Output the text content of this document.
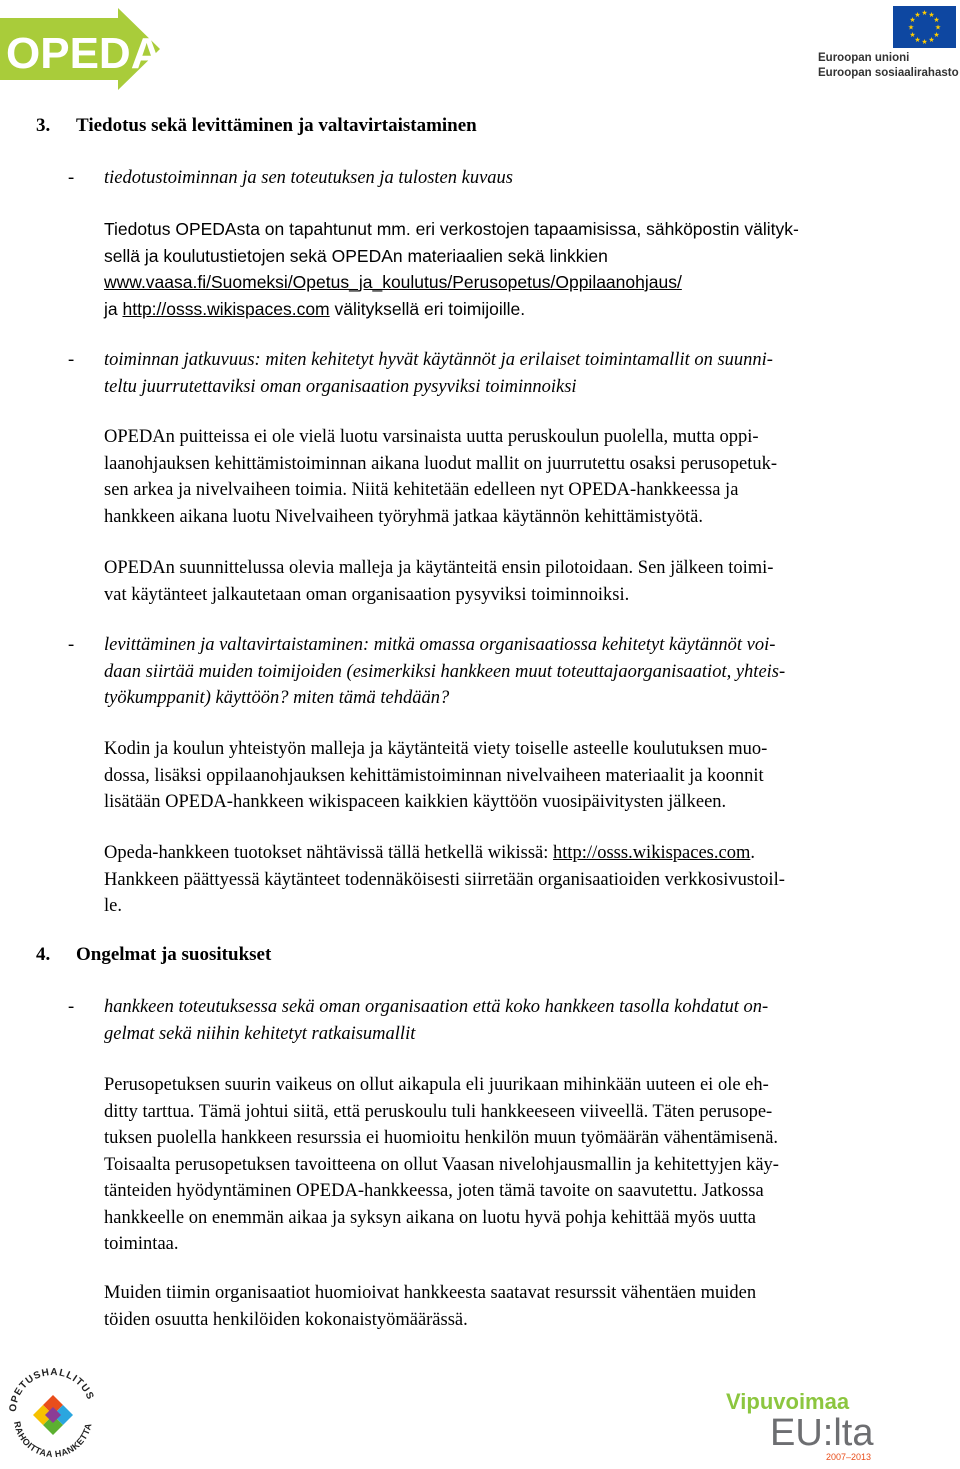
OPEDA
★ ★
★
★
★
★
★
★
★
★
★
★
Euroopan unioni
Euroopan sosiaalirahasto
3. Tiedotus sekä levittäminen ja valtavirtaistaminen
- tiedotustoiminnan ja sen toteutuksen ja tulosten kuvaus
Tiedotus OPEDAsta on tapahtunut mm. eri verkostojen tapaamisissa, sähköpostin välityk-
sellä ja koulutustietojen sekä OPEDAn materiaalien sekä linkkien
www.vaasa.fi/Suomeksi/Opetus_ja_koulutus/Perusopetus/Oppilaanohjaus/
ja http://osss.wikispaces.com välityksellä eri toimijoille.
- toiminnan jatkuvuus: miten kehitetyt hyvät käytännöt ja erilaiset toimintamallit on suunni-
teltu juurrutettaviksi oman organisaation pysyviksi toiminnoiksi
OPEDAn puitteissa ei ole vielä luotu varsinaista uutta peruskoulun puolella, mutta oppi-
laanohjauksen kehittämistoiminnan aikana luodut mallit on juurrutettu osaksi perusopetuk-
sen arkea ja nivelvaiheen toimia. Niitä kehitetään edelleen nyt OPEDA-hankkeessa ja
hankkeen aikana luotu Nivelvaiheen työryhmä jatkaa käytännön kehittämistyötä.
OPEDAn suunnittelussa olevia malleja ja käytänteitä ensin pilotoidaan. Sen jälkeen toimi-
vat käytänteet jalkautetaan oman organisaation pysyviksi toiminnoiksi.
- levittäminen ja valtavirtaistaminen: mitkä omassa organisaatiossa kehitetyt käytännöt voi-
daan siirtää muiden toimijoiden (esimerkiksi hankkeen muut toteuttajaorganisaatiot, yhteis-
työkumppanit) käyttöön? miten tämä tehdään?
Kodin ja koulun yhteistyön malleja ja käytänteitä viety toiselle asteelle koulutuksen muo-
dossa, lisäksi oppilaanohjauksen kehittämistoiminnan nivelvaiheen materiaalit ja koonnit
lisätään OPEDA-hankkeen wikispaceen kaikkien käyttöön vuosipäivitysten jälkeen.
Opeda-hankkeen tuotokset nähtävissä tällä hetkellä wikissä: http://osss.wikispaces.com.
Hankkeen päättyessä käytänteet todennäköisesti siirretään organisaatioiden verkkosivustoil-
le.
4. Ongelmat ja suositukset
- hankkeen toteutuksessa sekä oman organisaation että koko hankkeen tasolla kohdatut on-
gelmat sekä niihin kehitetyt ratkaisumallit
Perusopetuksen suurin vaikeus on ollut aikapula eli juurikaan mihinkään uuteen ei ole eh-
ditty tarttua. Tämä johtui siitä, että peruskoulu tuli hankkeeseen viiveellä. Täten perusope-
tuksen puolella hankkeen resurssia ei huomioitu henkilön muun työmäärän vähentämisenä.
Toisaalta perusopetuksen tavoitteena on ollut Vaasan nivelohjausmallin ja kehitettyjen käy-
tänteiden hyödyntäminen OPEDA-hankkeessa, joten tämä tavoite on saavutettu. Jatkossa
hankkeelle on enemmän aikaa ja syksyn aikana on luotu hyvä pohja kehittää myös uutta
toimintaa.
Muiden tiimin organisaatiot huomioivat hankkeesta saatavat resurssit vähentäen muiden
töiden osuutta henkilöiden kokonaistyömäärässä.
OPETUSHALLITUS
RAHOITTAA HANKETTA
Vipuvoimaa
EU:lta
2007–2013
